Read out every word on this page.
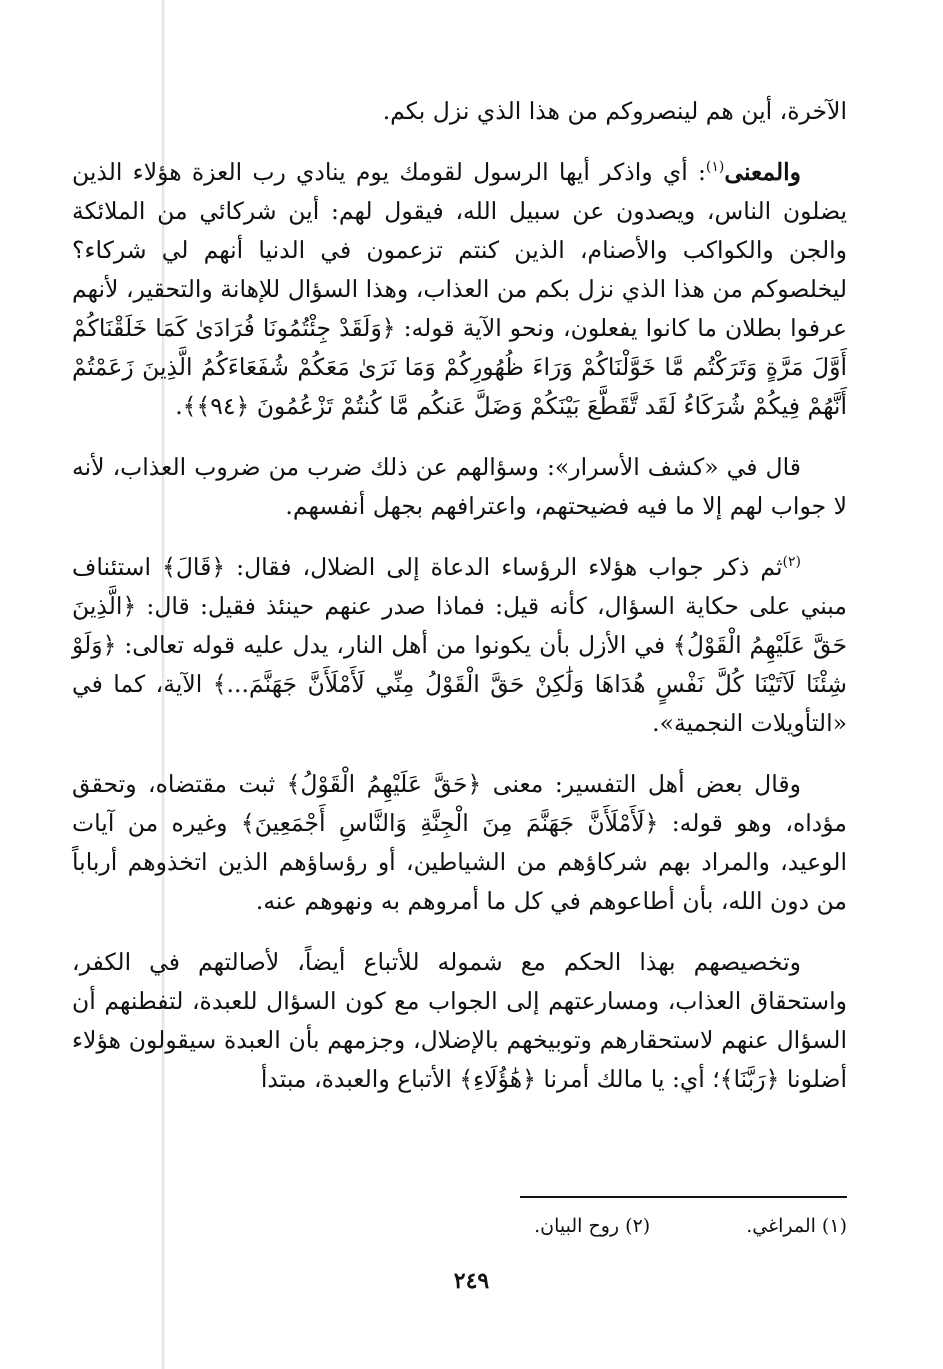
الآخرة، أين هم لينصروكم من هذا الذي نزل بكم.

والمعنى$^{(١)}$: أي واذكر أيها الرسول لقومك يوم ينادي رب العزة هؤلاء الذين يضلون الناس، ويصدون عن سبيل الله، فيقول لهم: أين شركائي من الملائكة والجن والكواكب والأصنام، الذين كنتم تزعمون في الدنيا أنهم لي شركاء؟ ليخلصوكم من هذا الذي نزل بكم من العذاب، وهذا السؤال للإهانة والتحقير، لأنهم عرفوا بطلان ما كانوا يفعلون، ونحو الآية قوله: ﴿وَلَقَدْ جِئْتُمُونَا فُرَادَىٰ كَمَا خَلَقْنَاكُمْ أَوَّلَ مَرَّةٍ وَتَرَكْتُم مَّا خَوَّلْنَاكُمْ وَرَاءَ ظُهُورِكُمْ وَمَا نَرَىٰ مَعَكُمْ شُفَعَاءَكُمُ الَّذِينَ زَعَمْتُمْ أَنَّهُمْ فِيكُمْ شُرَكَاءُ لَقَد تَّقَطَّعَ بَيْنَكُمْ وَضَلَّ عَنكُم مَّا كُنتُمْ تَزْعُمُونَ ﴿٩٤﴾﴾.

قال في «كشف الأسرار»: وسؤالهم عن ذلك ضرب من ضروب العذاب، لأنه لا جواب لهم إلا ما فيه فضيحتهم، واعترافهم بجهل أنفسهم.

$^{(٢)}$ثم ذكر جواب هؤلاء الرؤساء الدعاة إلى الضلال، فقال: ﴿قَالَ﴾ استئناف مبني على حكاية السؤال، كأنه قيل: فماذا صدر عنهم حينئذ فقيل: قال: ﴿الَّذِينَ حَقَّ عَلَيْهِمُ الْقَوْلُ﴾ في الأزل بأن يكونوا من أهل النار، يدل عليه قوله تعالى: ﴿وَلَوْ شِئْنَا لَآتَيْنَا كُلَّ نَفْسٍ هُدَاهَا وَلَٰكِنْ حَقَّ الْقَوْلُ مِنِّي لَأَمْلَأَنَّ جَهَنَّمَ...﴾ الآية، كما في «التأويلات النجمية».

وقال بعض أهل التفسير: معنى ﴿حَقَّ عَلَيْهِمُ الْقَوْلُ﴾ ثبت مقتضاه، وتحقق مؤداه، وهو قوله: ﴿لَأَمْلَأَنَّ جَهَنَّمَ مِنَ الْجِنَّةِ وَالنَّاسِ أَجْمَعِينَ﴾ وغيره من آيات الوعيد، والمراد بهم شركاؤهم من الشياطين، أو رؤساؤهم الذين اتخذوهم أرباباً من دون الله، بأن أطاعوهم في كل ما أمروهم به ونهوهم عنه.

وتخصيصهم بهذا الحكم مع شموله للأتباع أيضاً، لأصالتهم في الكفر، واستحقاق العذاب، ومسارعتهم إلى الجواب مع كون السؤال للعبدة، لتفطنهم أن السؤال عنهم لاستحقارهم وتوبيخهم بالإضلال، وجزمهم بأن العبدة سيقولون هؤلاء أضلونا ﴿رَبَّنَا﴾؛ أي: يا مالك أمرنا ﴿هَٰؤُلَاءِ﴾ الأتباع والعبدة، مبتدأ

(١) المراغي. (٢) روح البيان.
٢٤٩
